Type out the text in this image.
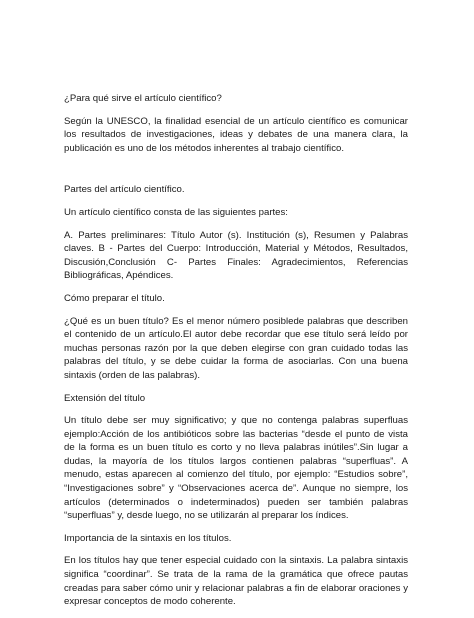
¿Para qué sirve el artículo científico?

Según la UNESCO, la finalidad esencial de un artículo científico es comunicar los resultados de investigaciones, ideas y debates de una manera clara, la publicación es uno de los métodos inherentes al trabajo científico.

Partes del artículo científico.

Un artículo científico consta de las siguientes partes:

A. Partes preliminares: Título Autor (s). Institución (s), Resumen y Palabras claves. B - Partes del Cuerpo: Introducción, Material y Métodos, Resultados, Discusión,Conclusión C- Partes Finales: Agradecimientos, Referencias Bibliográficas, Apéndices.

Cómo preparar el título.

¿Qué es un buen título? Es el menor número posiblede palabras que describen el contenido de un artículo.El autor debe recordar que ese título será leído por muchas personas razón por la que deben elegirse con gran cuidado todas las palabras del título, y se debe cuidar la forma de asociarlas. Con una buena sintaxis (orden de las palabras).

Extensión del título

Un título debe ser muy significativo; y que no contenga palabras superfluas ejemplo:Acción de los antibióticos sobre las bacterias “desde el punto de vista de la forma es un buen título es corto y no lleva palabras inútiles”.Sin lugar a dudas, la mayoría de los títulos largos contienen palabras “superfluas”. A menudo, estas aparecen al comienzo del título, por ejemplo: “Estudios sobre”, “Investigaciones sobre” y “Observaciones acerca de”. Aunque no siempre, los artículos (determinados o indeterminados) pueden ser también palabras “superfluas” y, desde luego, no se utilizarán al preparar los índices.

Importancia de la sintaxis en los títulos.

En los títulos hay que tener especial cuidado con la sintaxis. La palabra sintaxis significa “coordinar”. Se trata de la rama de la gramática que ofrece pautas creadas para saber cómo unir y relacionar palabras a fin de elaborar oraciones y expresar conceptos de modo coherente.
